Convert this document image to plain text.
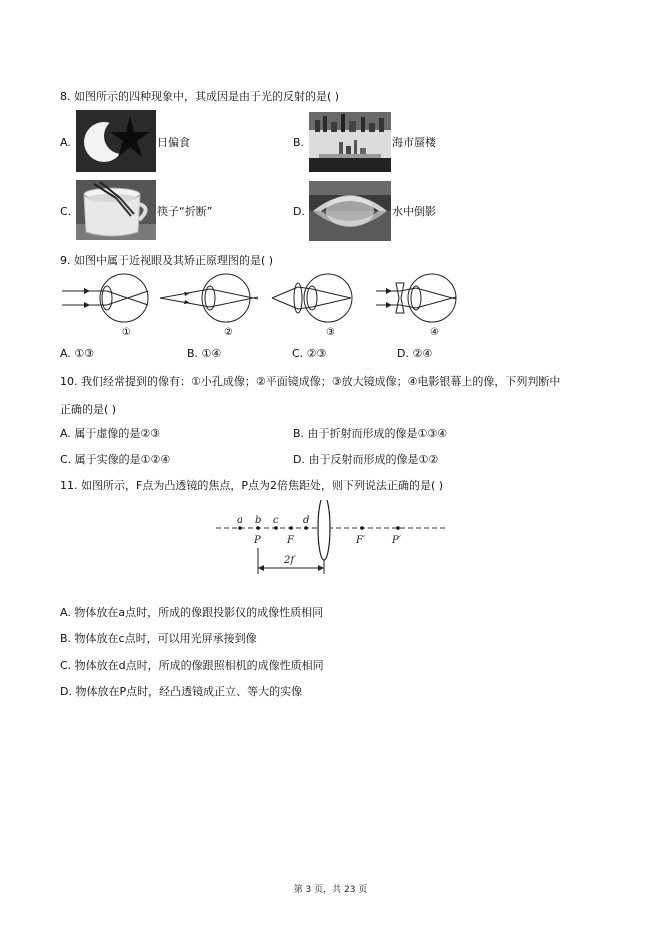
8. 如图所示的四种现象中，其成因是由于光的反射的是( )
A.	日偏食	B.	海市蜃楼
C.	筷子“折断”	D.	水中倒影
9. 如图中属于近视眼及其矫正原理图的是( )
①	②	③	④
A. ①③	B. ①④	C. ②③	D. ②④
10. 我们经常提到的像有：①小孔成像；②平面镜成像；③放大镜成像；④电影银幕上的像，下列判断中
正确的是( )
A. 属于虚像的是②③	B. 由于折射而形成的像是①③④
C. 属于实像的是①②④	D. 由于反射而形成的像是①②
11. 如图所示，F点为凸透镜的焦点，P点为2倍焦距处，则下列说法正确的是( )
a b c d
P	F	F′	P′
2f
A. 物体放在a点时，所成的像跟投影仪的成像性质相同
B. 物体放在c点时，可以用光屏承接到像
C. 物体放在d点时，所成的像跟照相机的成像性质相同
D. 物体放在P点时，经凸透镜成正立、等大的实像
第 3 页，共 23 页
